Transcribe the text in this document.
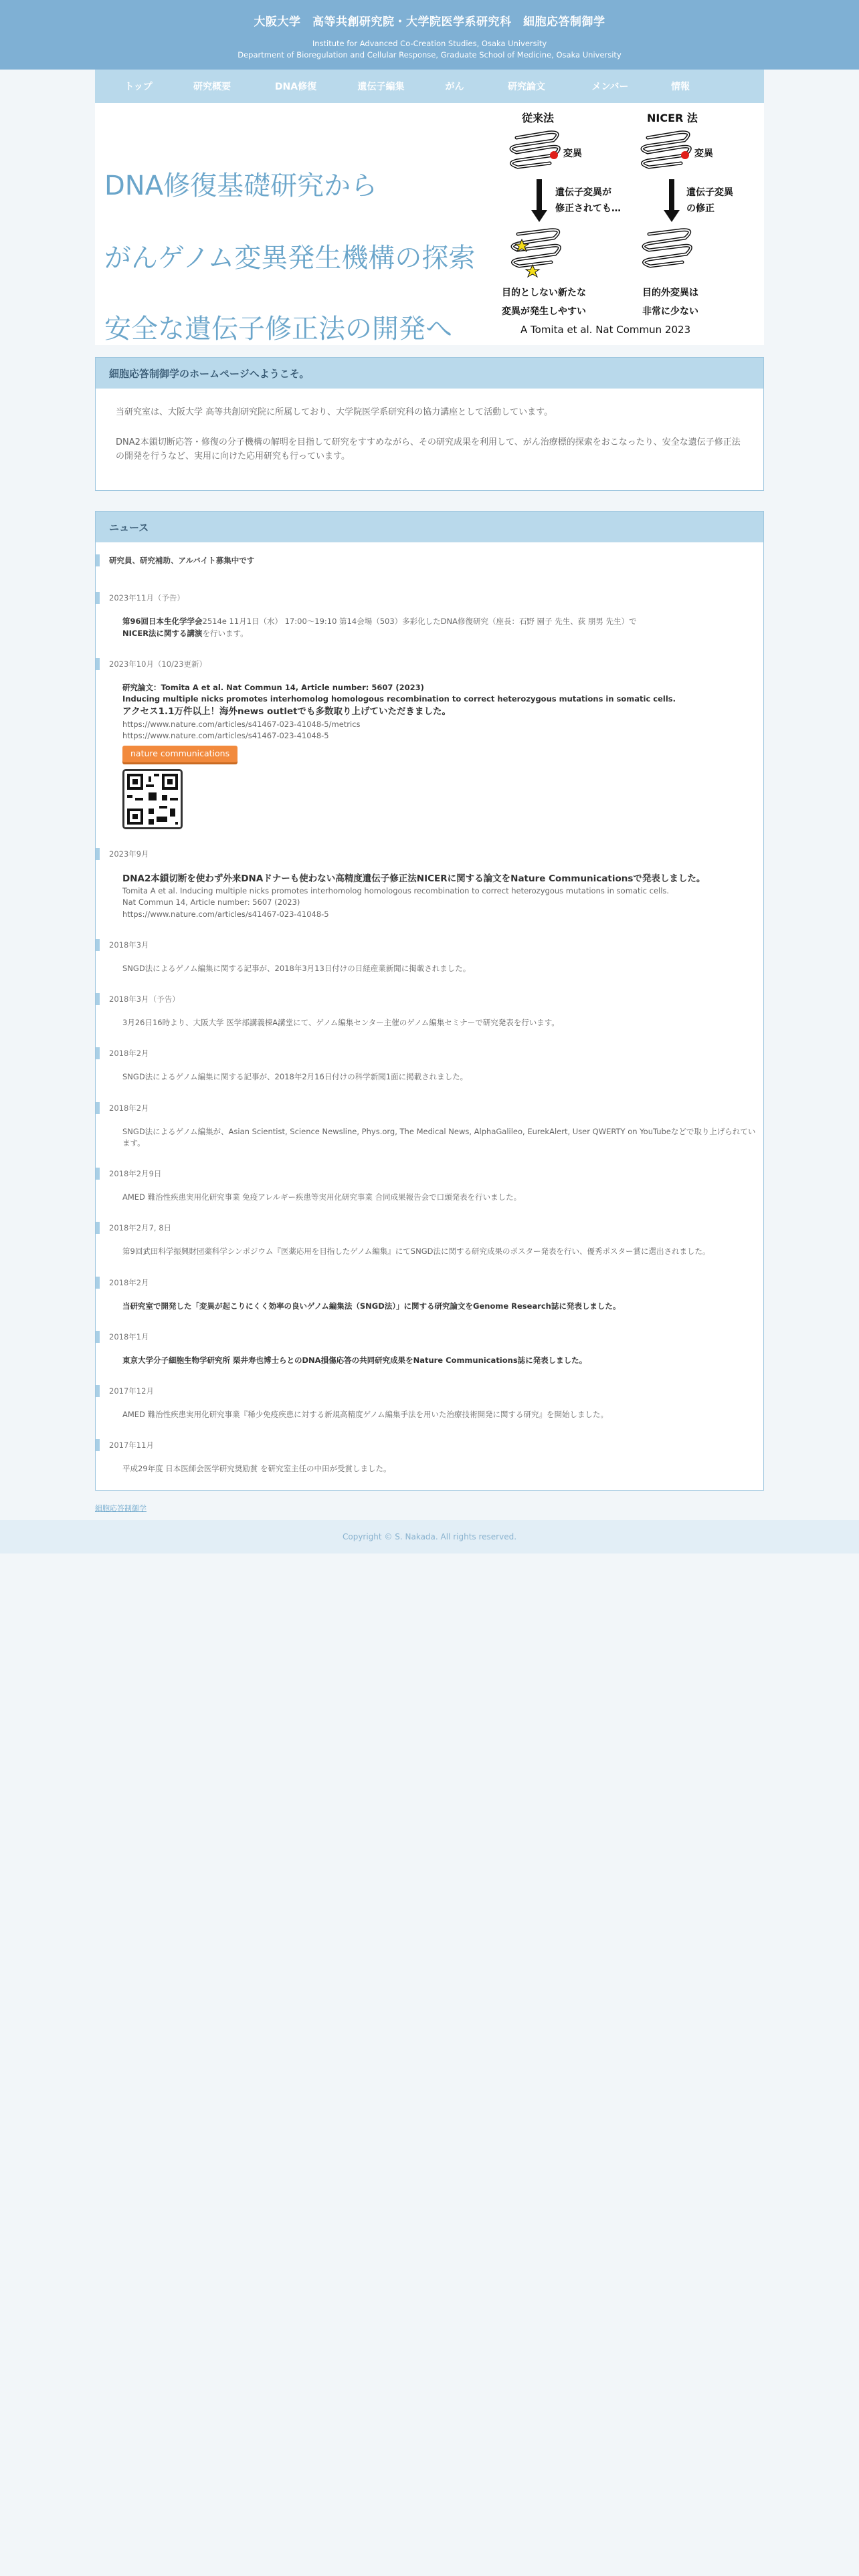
大阪大学　高等共創研究院・大学院医学系研究科　細胞応答制御学
Institute for Advanced Co-Creation Studies, Osaka University
Department of Bioregulation and Cellular Response, Graduate School of Medicine, Osaka University
トップ	研究概要	DNA修復	遺伝子編集	がん	研究論文	メンバー	情報
DNA修復基礎研究から
がんゲノム変異発生機構の探索
安全な遺伝子修正法の開発へ
従来法	NICER 法
変異	変異
遺伝子変異が
修正されても…
遺伝子変異
の修正
目的としない新たな
変異が発生しやすい
目的外変異は
非常に少ない
A Tomita et al. Nat Commun 2023
細胞応答制御学のホームページへようこそ。

当研究室は、大阪大学 高等共創研究院に所属しており、大学院医学系研究科の協力講座として活動しています。

DNA2本鎖切断応答・修復の分子機構の解明を目指して研究をすすめながら、その研究成果を利用して、がん治療標的探索をおこなったり、安全な遺伝子修正法の開発を行うなど、実用に向けた応用研究も行っています。

ニュース
研究員、研究補助、アルバイト募集中です
2023年11月（予告）
第96回日本生化学学会2514e 11月1日（水） 17:00〜19:10 第14会場（503）多彩化したDNA修復研究（座長：石野 園子 先生、荻 朋男 先生）で
NICER法に関する講演を行います。
2023年10月（10/23更新）
研究論文：Tomita A et al. Nat Commun 14, Article number: 5607 (2023)
Inducing multiple nicks promotes interhomolog homologous recombination to correct heterozygous mutations in somatic cells.
アクセス1.1万件以上！海外news outletでも多数取り上げていただきました。
https://www.nature.com/articles/s41467-023-41048-5/metrics
https://www.nature.com/articles/s41467-023-41048-5
nature communications
2023年9月
DNA2本鎖切断を使わず外来DNAドナーも使わない高精度遺伝子修正法NICERに関する論文をNature Communicationsで発表しました。
Tomita A et al. Inducing multiple nicks promotes interhomolog homologous recombination to correct heterozygous mutations in somatic cells.
Nat Commun 14, Article number: 5607 (2023)
https://www.nature.com/articles/s41467-023-41048-5
2018年3月
SNGD法によるゲノム編集に関する記事が、2018年3月13日付けの日経産業新聞に掲載されました。
2018年3月（予告）
3月26日16時より、大阪大学 医学部講義棟A講堂にて、ゲノム編集センター主催のゲノム編集セミナーで研究発表を行います。
2018年2月
SNGD法によるゲノム編集に関する記事が、2018年2月16日付けの科学新聞1面に掲載されました。
2018年2月
SNGD法によるゲノム編集が、Asian Scientist, Science Newsline, Phys.org, The Medical News, AlphaGalileo, EurekAlert, User QWERTY on YouTubeなどで取り上げられています。
2018年2月9日
AMED 難治性疾患実用化研究事業 免疫アレルギー疾患等実用化研究事業 合同成果報告会で口頭発表を行いました。
2018年2月7, 8日
第9回武田科学振興財団薬科学シンポジウム『医薬応用を目指したゲノム編集』にてSNGD法に関する研究成果のポスター発表を行い、優秀ポスター賞に選出されました。
2018年2月
当研究室で開発した「変異が起こりにくく効率の良いゲノム編集法（SNGD法）」に関する研究論文をGenome Research誌に発表しました。
2018年1月
東京大学分子細胞生物学研究所 栗井寿也博士らとのDNA損傷応答の共同研究成果をNature Communications誌に発表しました。
2017年12月
AMED 難治性疾患実用化研究事業『稀少免疫疾患に対する新規高精度ゲノム編集手法を用いた治療技術開発に関する研究』を開始しました。
2017年11月
平成29年度 日本医師会医学研究奨励賞 を研究室主任の中田が受賞しました。
細胞応答制御学
Copyright © S. Nakada. All rights reserved.
